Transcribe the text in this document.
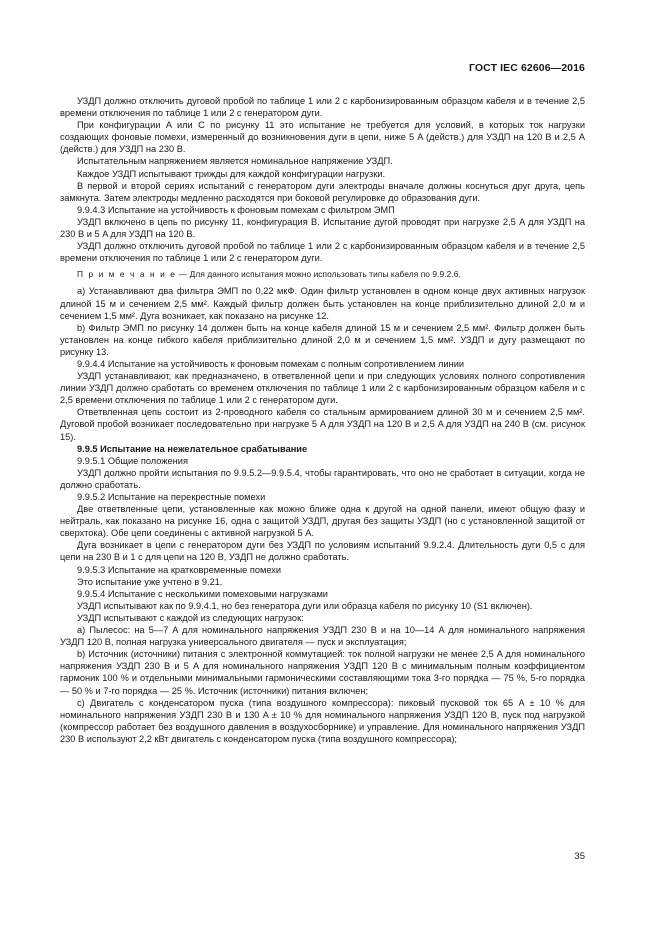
ГОСТ IEC 62606—2016

УЗДП должно отключить дуговой пробой по таблице 1 или 2 с карбонизированным образцом кабеля и в течение 2,5 времени отключения по таблице 1 или 2 с генератором дуги.

При конфигурации A или C по рисунку 11 это испытание не требуется для условий, в которых ток нагрузки создающих фоновые помехи, измеренный до возникновения дуги в цепи, ниже 5 A (действ.) для УЗДП на 120 В и 2,5 A (действ.) для УЗДП на 230 В.

Испытательным напряжением является номинальное напряжение УЗДП.

Каждое УЗДП испытывают трижды для каждой конфигурации нагрузки.

В первой и второй сериях испытаний с генератором дуги электроды вначале должны коснуться друг друга, цепь замкнута. Затем электроды медленно расходятся при боковой регулировке до образования дуги.

9.9.4.3 Испытание на устойчивость к фоновым помехам с фильтром ЭМП

УЗДП включено в цепь по рисунку 11, конфигурация B. Испытание дугой проводят при нагрузке 2,5 A для УЗДП на 230 В и 5 A для УЗДП на 120 В.

УЗДП должно отключить дуговой пробой по таблице 1 или 2 с карбонизированным образцом кабеля и в течение 2,5 времени отключения по таблице 1 или 2 с генератором дуги.

П р и м е ч а н и е — Для данного испытания можно использовать типы кабеля по 9.9.2.6.

a) Устанавливают два фильтра ЭМП по 0,22 мкФ. Один фильтр установлен в одном конце двух активных нагрузок длиной 15 м и сечением 2,5 мм². Каждый фильтр должен быть установлен на конце приблизительно длиной 2,0 м и сечением 1,5 мм². Дуга возникает, как показано на рисунке 12.

b) Фильтр ЭМП по рисунку 14 должен быть на конце кабеля длиной 15 м и сечением 2,5 мм². Фильтр должен быть установлен на конце гибкого кабеля приблизительно длиной 2,0 м и сечением 1,5 мм². УЗДП и дугу размещают по рисунку 13.

9.9.4.4 Испытание на устойчивость к фоновым помехам с полным сопротивлением линии

УЗДП устанавливают, как предназначено, в ответвленной цепи и при следующих условиях полного сопротивления линии УЗДП должно сработать со временем отключения по таблице 1 или 2 с карбонизированным образцом кабеля и с 2,5 времени отключения по таблице 1 или 2 с генератором дуги.

Ответвленная цепь состоит из 2-проводного кабеля со стальным армированием длиной 30 м и сечением 2,5 мм². Дуговой пробой возникает последовательно при нагрузке 5 A для УЗДП на 120 В и 2,5 A для УЗДП на 240 В (см. рисунок 15).

9.9.5 Испытание на нежелательное срабатывание

9.9.5.1 Общие положения

УЗДП должно пройти испытания по 9.9.5.2—9.9.5.4, чтобы гарантировать, что оно не сработает в ситуации, когда не должно сработать.

9.9.5.2 Испытание на перекрестные помехи

Две ответвленные цепи, установленные как можно ближе одна к другой на одной панели, имеют общую фазу и нейтраль, как показано на рисунке 16, одна с защитой УЗДП, другая без защиты УЗДП (но с установленной защитой от сверхтока). Обе цепи соединены с активной нагрузкой 5 A.

Дуга возникает в цепи с генератором дуги без УЗДП по условиям испытаний 9.9.2.4. Длительность дуги 0,5 с для цепи на 230 В и 1 с для цепи на 120 В, УЗДП не должно сработать.

9.9.5.3 Испытание на кратковременные помехи

Это испытание уже учтено в 9.21.

9.9.5.4 Испытание с несколькими помеховыми нагрузками

УЗДП испытывают как по 9.9.4.1, но без генератора дуги или образца кабеля по рисунку 10 (S1 включен).

УЗДП испытывают с каждой из следующих нагрузок:

a) Пылесос: на 5—7 A для номинального напряжения УЗДП 230 В и на 10—14 A для номинального напряжения УЗДП 120 В, полная нагрузка универсального двигателя — пуск и эксплуатация;

b) Источник (источники) питания с электронной коммутацией: ток полной нагрузки не менее 2,5 A для номинального напряжения УЗДП 230 В и 5 A для номинального напряжения УЗДП 120 В с минимальным полным коэффициентом гармоник 100 % и отдельными минимальными гармоническими составляющими тока 3-го порядка — 75 %, 5-го порядка — 50 % и 7-го порядка — 25 %. Источник (источники) питания включен;

c) Двигатель с конденсатором пуска (типа воздушного компрессора): пиковый пусковой ток 65 A ± 10 % для номинального напряжения УЗДП 230 В и 130 A ± 10 % для номинального напряжения УЗДП 120 В, пуск под нагрузкой (компрессор работает без воздушного давления в воздухосборнике) и управление. Для номинального напряжения УЗДП 230 В используют 2,2 кВт двигатель с конденсатором пуска (типа воздушного компрессора);

35
